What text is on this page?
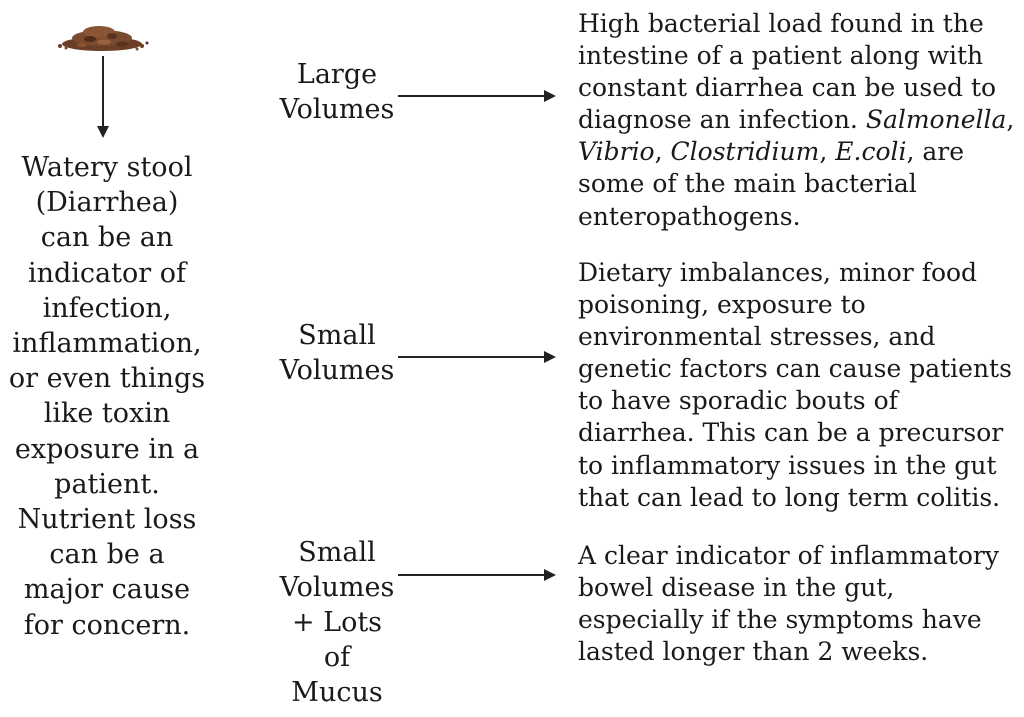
Watery stool (Diarrhea) can be an indicator of infection, inflammation, or even things like toxin exposure in a patient. Nutrient loss can be a major cause for concern.

Large
Volumes

High bacterial load found in the intestine of a patient along with constant diarrhea can be used to diagnose an infection. Salmonella, Vibrio, Clostridium, E.coli, are some of the main bacterial enteropathogens.

Small
Volumes

Dietary imbalances, minor food poisoning, exposure to environmental stresses, and genetic factors can cause patients to have sporadic bouts of diarrhea. This can be a precursor to inflammatory issues in the gut that can lead to long term colitis.

Small
Volumes
+ Lots
of
Mucus

A clear indicator of inflammatory bowel disease in the gut, especially if the symptoms have lasted longer than 2 weeks.
